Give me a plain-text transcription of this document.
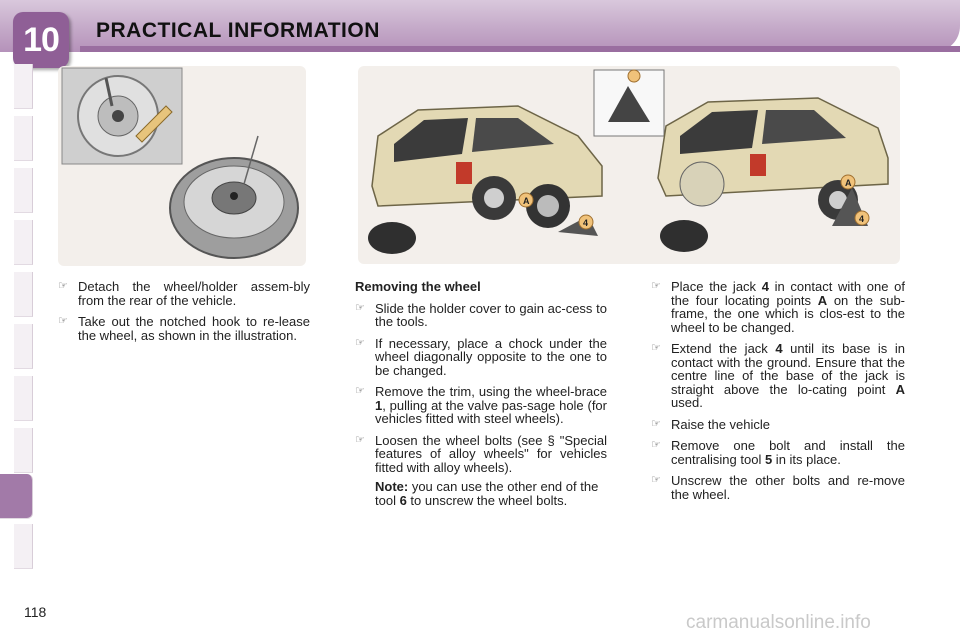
10 PRACTICAL INFORMATION
A
4
A
4
☞ Detach the wheel/holder assem-bly from the rear of the vehicle.
☞ Take out the notched hook to re-lease the wheel, as shown in the illustration.
Removing the wheel
☞ Slide the holder cover to gain ac-cess to the tools.
☞ If necessary, place a chock under the wheel diagonally opposite to the one to be changed.
☞ Remove the trim, using the wheel-brace 1, pulling at the valve pas-sage hole (for vehicles fitted with steel wheels).
☞ Loosen the wheel bolts (see § "Special features of alloy wheels" for vehicles fitted with alloy wheels).
Note: you can use the other end of the tool 6 to unscrew the wheel bolts.
☞ Place the jack 4 in contact with one of the four locating points A on the sub-frame, the one which is clos-est to the wheel to be changed.
☞ Extend the jack 4 until its base is in contact with the ground. Ensure that the centre line of the base of the jack is straight above the lo-cating point A used.
☞ Raise the vehicle
☞ Remove one bolt and install the centralising tool 5 in its place.
☞ Unscrew the other bolts and re-move the wheel.
118	carmanualsonline.info
